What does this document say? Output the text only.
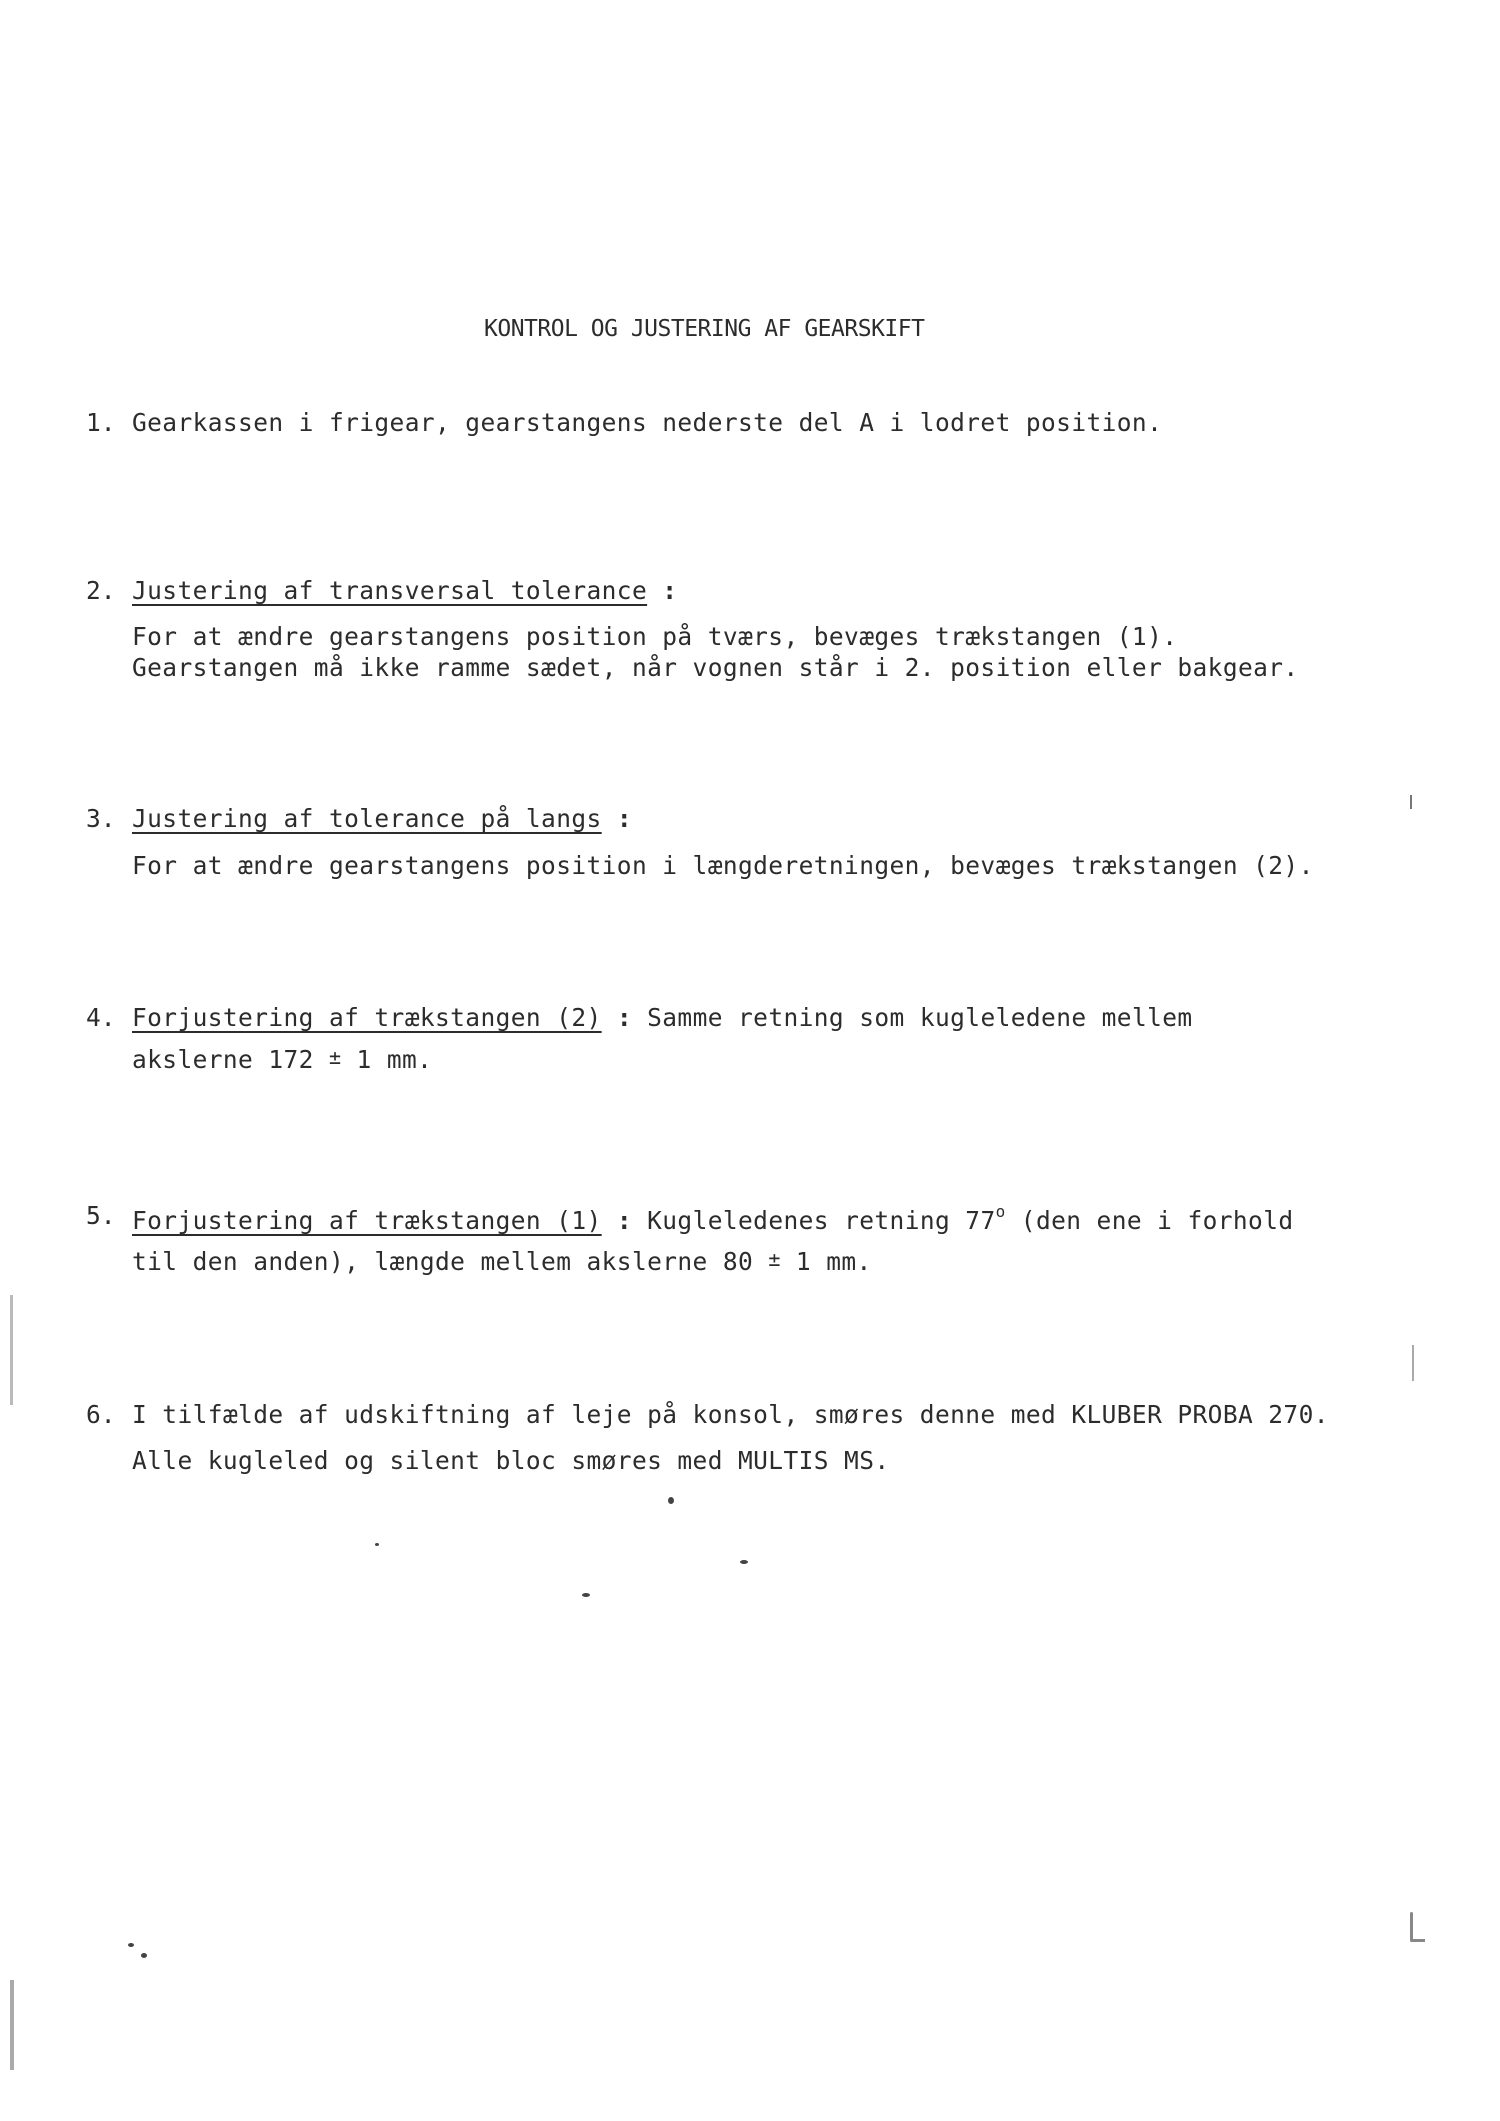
KONTROL OG JUSTERING AF GEARSKIFT
1. Gearkassen i frigear, gearstangens nederste del A i lodret position.
2. Justering af transversal tolerance :
For at ændre gearstangens position på tværs, bevæges trækstangen (1).
Gearstangen må ikke ramme sædet, når vognen står i 2. position eller bakgear.
3. Justering af tolerance på langs :
For at ændre gearstangens position i længderetningen, bevæges trækstangen (2).
4. Forjustering af trækstangen (2) : Samme retning som kugleledene mellem
akslerne 172 ± 1 mm.
5. Forjustering af trækstangen (1) : Kugleledenes retning 77$^o$ (den ene i forhold
til den anden), længde mellem akslerne 80 ± 1 mm.
6. I tilfælde af udskiftning af leje på konsol, smøres denne med KLUBER PROBA 270.
Alle kugleled og silent bloc smøres med MULTIS MS.
